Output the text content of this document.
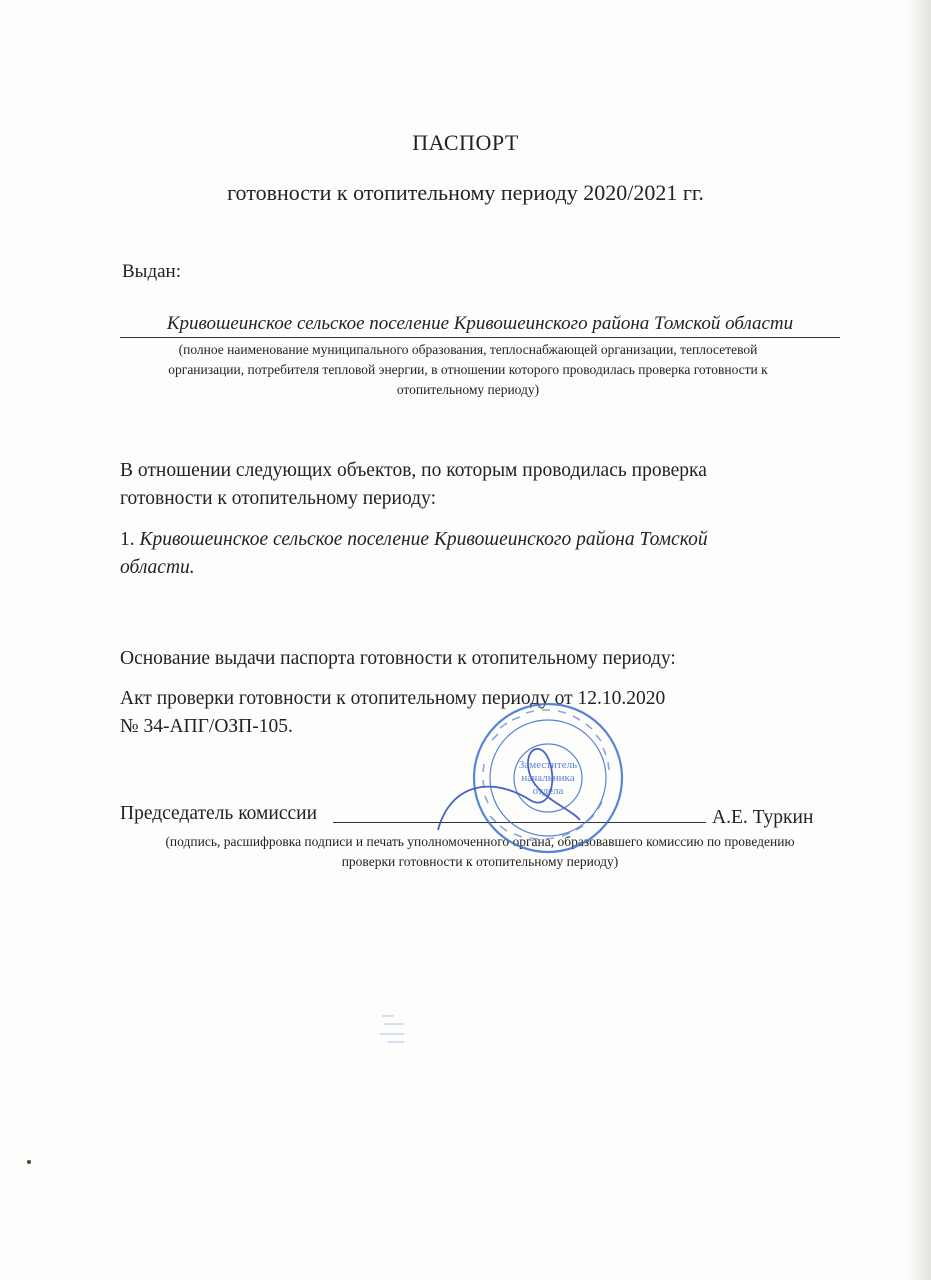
ПАСПОРТ
готовности к отопительному периоду 2020/2021 гг.
Выдан:
Кривошеинское сельское поселение Кривошеинского района Томской области
(полное наименование муниципального образования, теплоснабжающей организации, теплосетевой
организации, потребителя тепловой энергии, в отношении которого проводилась проверка готовности к
отопительному периоду)
В отношении следующих объектов, по которым проводилась проверка
готовности к отопительному периоду:
1. Кривошеинское сельское поселение Кривошеинского района Томской
области.
Основание выдачи паспорта готовности к отопительному периоду:
Акт проверки готовности к отопительному периоду от 12.10.2020
№ 34-АПГ/ОЗП-105.
Председатель комиссии	А.Е. Туркин
(подпись, расшифровка подписи и печать уполномоченного органа, образовавшего комиссию по проведению
проверки готовности к отопительному периоду)
Заместитель
начальника
отдела
